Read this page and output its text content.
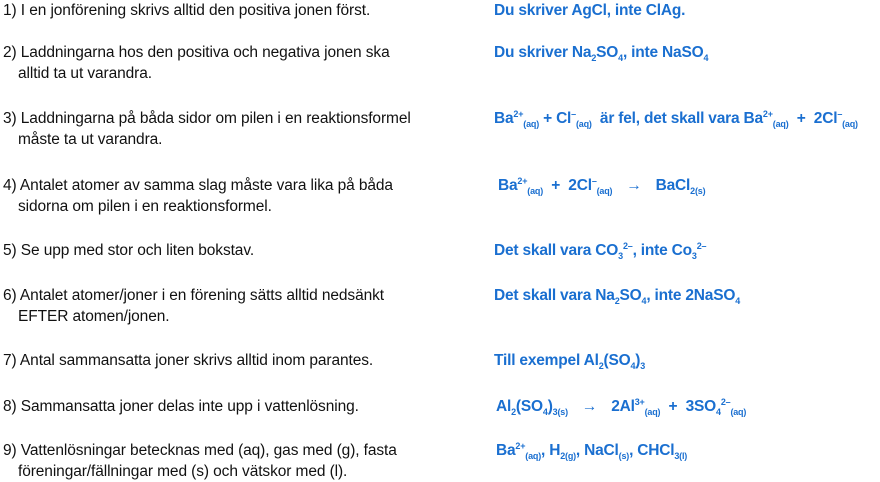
1) I en jonförening skrivs alltid den positiva jonen först.
2) Laddningarna hos den positiva och negativa jonen ska
alltid ta ut varandra.
3) Laddningarna på båda sidor om pilen i en reaktionsformel
måste ta ut varandra.
4) Antalet atomer av samma slag måste vara lika på båda
sidorna om pilen i en reaktionsformel.
5) Se upp med stor och liten bokstav.
6) Antalet atomer/joner i en förening sätts alltid nedsänkt
EFTER atomen/jonen.
7) Antal sammansatta joner skrivs alltid inom parantes.
8) Sammansatta joner delas inte upp i vattenlösning.
9) Vattenlösningar betecknas med (aq), gas med (g), fasta
föreningar/fällningar med (s) och vätskor med (l).
Du skriver AgCl, inte ClAg.
Du skriver $Na_2SO_4$, inte NaSO$_4$
$Ba^{2+}_{(aq)} + Cl^-_{(aq)}$  är fel, det skall vara $Ba^{2+}_{(aq)} + 2Cl^-_{(aq)}$
$Ba^{2+}_{(aq)} + 2Cl^-_{(aq)}$ → BaCl$_{2(s)}$
Det skall vara $CO_3^{2-}$, inte $Co_3^{2-}$
Det skall vara $Na_2SO_4$, inte 2NaSO$_4$
Till exempel $Al_2(SO_4)_3$
$Al_2(SO_4)_{3(s)} \to 2Al^{3+}_{(aq)} + 3SO_4^{2-}_{(aq)}$
$Ba^{2+}_{(aq)}$, $H_{2(g)}$, NaCl$_{(s)}$, CHCl$_{3(l)}$
